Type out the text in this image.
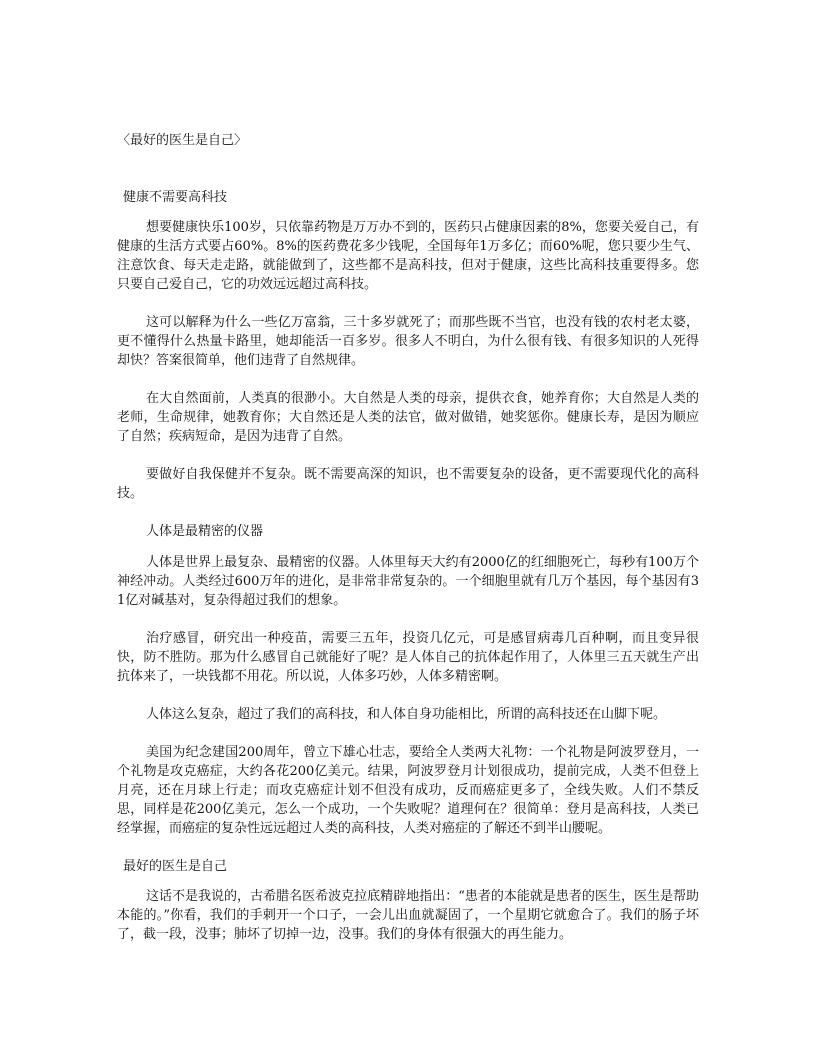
〈最好的医生是自己〉
健康不需要高科技

想要健康快乐100岁，只依靠药物是万万办不到的，医药只占健康因素的8%，您要关爱自己，有健康的生活方式要占60%。8%的医药费花多少钱呢，全国每年1万多亿；而60%呢，您只要少生气、注意饮食、每天走走路，就能做到了，这些都不是高科技，但对于健康，这些比高科技重要得多。您只要自己爱自己，它的功效远远超过高科技。

这可以解释为什么一些亿万富翁，三十多岁就死了；而那些既不当官，也没有钱的农村老太婆，更不懂得什么热量卡路里，她却能活一百多岁。很多人不明白，为什么很有钱、有很多知识的人死得却快？答案很简单，他们违背了自然规律。

在大自然面前，人类真的很渺小。大自然是人类的母亲，提供衣食，她养育你；大自然是人类的老师，生命规律，她教育你；大自然还是人类的法官，做对做错，她奖惩你。健康长寿，是因为顺应了自然；疾病短命，是因为违背了自然。

要做好自我保健并不复杂。既不需要高深的知识，也不需要复杂的设备，更不需要现代化的高科技。

人体是最精密的仪器

人体是世界上最复杂、最精密的仪器。人体里每天大约有2000亿的红细胞死亡，每秒有100万个神经冲动。人类经过600万年的进化，是非常非常复杂的。一个细胞里就有几万个基因，每个基因有31亿对碱基对，复杂得超过我们的想象。

治疗感冒，研究出一种疫苗，需要三五年，投资几亿元，可是感冒病毒几百种啊，而且变异很快，防不胜防。那为什么感冒自己就能好了呢？是人体自己的抗体起作用了，人体里三五天就生产出抗体来了，一块钱都不用花。所以说，人体多巧妙，人体多精密啊。

人体这么复杂，超过了我们的高科技，和人体自身功能相比，所谓的高科技还在山脚下呢。

美国为纪念建国200周年，曾立下雄心壮志，要给全人类两大礼物：一个礼物是阿波罗登月，一个礼物是攻克癌症，大约各花200亿美元。结果，阿波罗登月计划很成功，提前完成，人类不但登上月亮，还在月球上行走；而攻克癌症计划不但没有成功，反而癌症更多了，全线失败。人们不禁反思，同样是花200亿美元，怎么一个成功，一个失败呢？道理何在？很简单：登月是高科技，人类已经掌握，而癌症的复杂性远远超过人类的高科技，人类对癌症的了解还不到半山腰呢。

最好的医生是自己

这话不是我说的，古希腊名医希波克拉底精辟地指出：“患者的本能就是患者的医生，医生是帮助本能的。”你看，我们的手剌开一个口子，一会儿出血就凝固了，一个星期它就愈合了。我们的肠子坏了，截一段，没事；肺坏了切掉一边，没事。我们的身体有很强大的再生能力。
